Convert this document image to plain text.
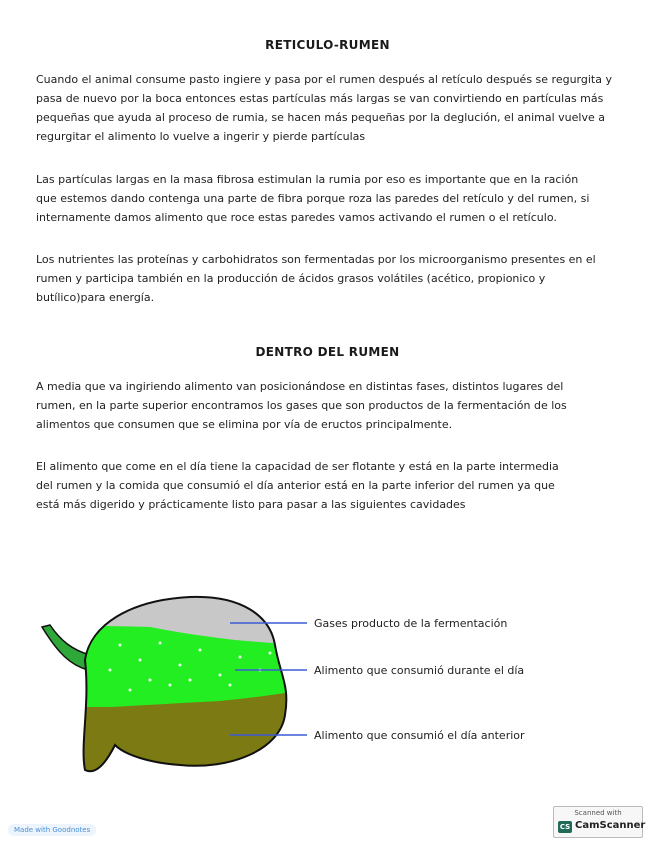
RETICULO-RUMEN

Cuando el animal consume pasto ingiere y pasa por el rumen después al retículo después se regurgita y pasa de nuevo por la boca entonces estas partículas más largas se van convirtiendo en partículas más pequeñas que ayuda al proceso de rumia, se hacen más pequeñas por la deglución, el animal vuelve a regurgitar el alimento lo vuelve a ingerir y pierde partículas

Las partículas largas en la masa fibrosa estimulan la rumia por eso es importante que en la ración que estemos dando contenga una parte de fibra porque roza las paredes del retículo y del rumen, si internamente damos alimento que roce estas paredes vamos activando el rumen o el retículo.

Los nutrientes las proteínas y carbohidratos son fermentadas por los microorganismo presentes en el rumen y participa también en la producción de ácidos grasos volátiles (acético, propionico y butílico)para energía.

DENTRO DEL RUMEN

A media que va ingiriendo alimento van posicionándose en distintas fases, distintos lugares del rumen, en la parte superior encontramos los gases que son productos de la fermentación de los alimentos que consumen que se elimina por vía de eructos principalmente.

El alimento que come en el día tiene la capacidad de ser flotante y está en la parte intermedia del rumen y la comida que consumió el día anterior está en la parte inferior del rumen ya que está más digerido y prácticamente listo para pasar a las siguientes cavidades

Gases producto de la fermentación
Alimento que consumió durante el día
Alimento que consumió el día anterior
Made with Goodnotes
Scanned with
CS CamScanner
